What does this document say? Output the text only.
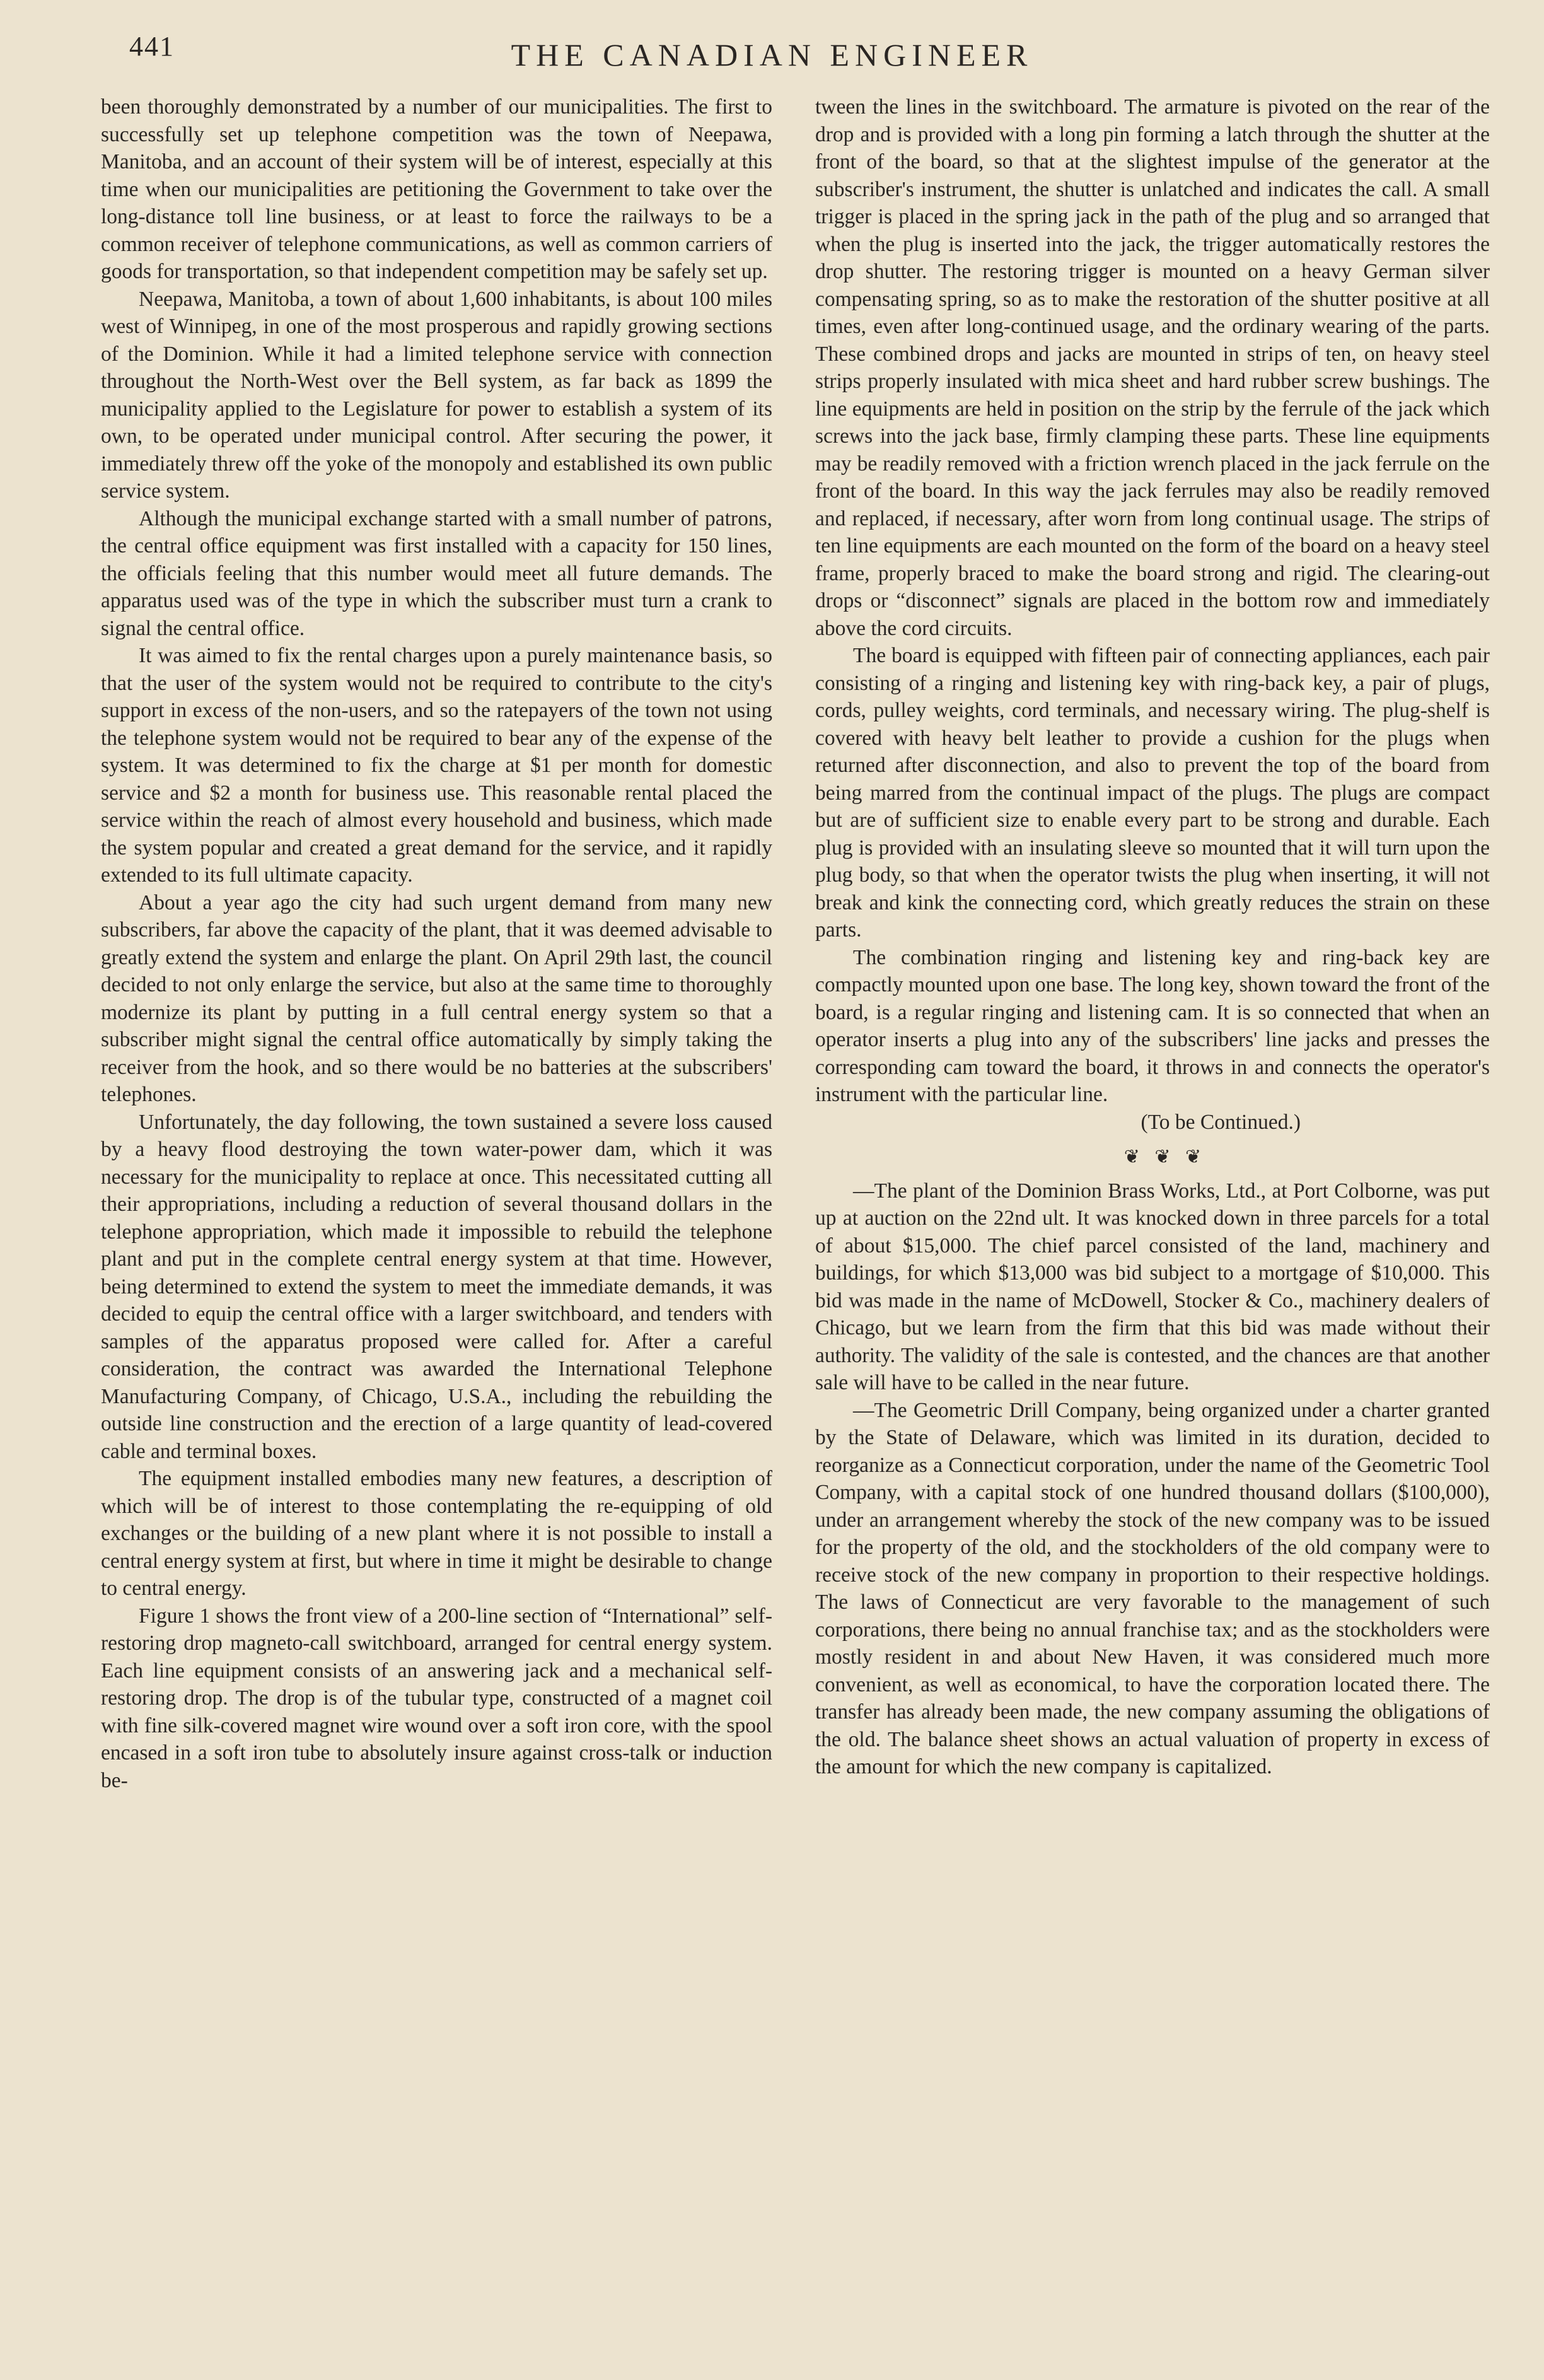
441	THE CANADIAN ENGINEER

been thoroughly demonstrated by a number of our municipalities. The first to successfully set up telephone competition was the town of Neepawa, Manitoba, and an account of their system will be of interest, especially at this time when our municipalities are petitioning the Government to take over the long-distance toll line business, or at least to force the railways to be a common receiver of telephone communications, as well as common carriers of goods for transportation, so that independent competition may be safely set up.

Neepawa, Manitoba, a town of about 1,600 inhabitants, is about 100 miles west of Winnipeg, in one of the most prosperous and rapidly growing sections of the Dominion. While it had a limited telephone service with connection throughout the North-West over the Bell system, as far back as 1899 the municipality applied to the Legislature for power to establish a system of its own, to be operated under municipal control. After securing the power, it immediately threw off the yoke of the monopoly and established its own public service system.

Although the municipal exchange started with a small number of patrons, the central office equipment was first installed with a capacity for 150 lines, the officials feeling that this number would meet all future demands. The apparatus used was of the type in which the subscriber must turn a crank to signal the central office.

It was aimed to fix the rental charges upon a purely maintenance basis, so that the user of the system would not be required to contribute to the city's support in excess of the non-users, and so the ratepayers of the town not using the telephone system would not be required to bear any of the expense of the system. It was determined to fix the charge at $1 per month for domestic service and $2 a month for business use. This reasonable rental placed the service within the reach of almost every household and business, which made the system popular and created a great demand for the service, and it rapidly extended to its full ultimate capacity.

About a year ago the city had such urgent demand from many new subscribers, far above the capacity of the plant, that it was deemed advisable to greatly extend the system and enlarge the plant. On April 29th last, the council decided to not only enlarge the service, but also at the same time to thoroughly modernize its plant by putting in a full central energy system so that a subscriber might signal the central office automatically by simply taking the receiver from the hook, and so there would be no batteries at the subscribers' telephones.

Unfortunately, the day following, the town sustained a severe loss caused by a heavy flood destroying the town water-power dam, which it was necessary for the municipality to replace at once. This necessitated cutting all their appropriations, including a reduction of several thousand dollars in the telephone appropriation, which made it impossible to rebuild the telephone plant and put in the complete central energy system at that time. However, being determined to extend the system to meet the immediate demands, it was decided to equip the central office with a larger switchboard, and tenders with samples of the apparatus proposed were called for. After a careful consideration, the contract was awarded the International Telephone Manufacturing Company, of Chicago, U.S.A., including the rebuilding the outside line construction and the erection of a large quantity of lead-covered cable and terminal boxes.

The equipment installed embodies many new features, a description of which will be of interest to those contemplating the re-equipping of old exchanges or the building of a new plant where it is not possible to install a central energy system at first, but where in time it might be desirable to change to central energy.

Figure 1 shows the front view of a 200-line section of “International” self-restoring drop magneto-call switchboard, arranged for central energy system. Each line equipment consists of an answering jack and a mechanical self-restoring drop. The drop is of the tubular type, constructed of a magnet coil with fine silk-covered magnet wire wound over a soft iron core, with the spool encased in a soft iron tube to absolutely insure against cross-talk or induction be-

tween the lines in the switchboard. The armature is pivoted on the rear of the drop and is provided with a long pin forming a latch through the shutter at the front of the board, so that at the slightest impulse of the generator at the subscriber's instrument, the shutter is unlatched and indicates the call. A small trigger is placed in the spring jack in the path of the plug and so arranged that when the plug is inserted into the jack, the trigger automatically restores the drop shutter. The restoring trigger is mounted on a heavy German silver compensating spring, so as to make the restoration of the shutter positive at all times, even after long-continued usage, and the ordinary wearing of the parts. These combined drops and jacks are mounted in strips of ten, on heavy steel strips properly insulated with mica sheet and hard rubber screw bushings. The line equipments are held in position on the strip by the ferrule of the jack which screws into the jack base, firmly clamping these parts. These line equipments may be readily removed with a friction wrench placed in the jack ferrule on the front of the board. In this way the jack ferrules may also be readily removed and replaced, if necessary, after worn from long continual usage. The strips of ten line equipments are each mounted on the form of the board on a heavy steel frame, properly braced to make the board strong and rigid. The clearing-out drops or “disconnect” signals are placed in the bottom row and immediately above the cord circuits.

The board is equipped with fifteen pair of connecting appliances, each pair consisting of a ringing and listening key with ring-back key, a pair of plugs, cords, pulley weights, cord terminals, and necessary wiring. The plug-shelf is covered with heavy belt leather to provide a cushion for the plugs when returned after disconnection, and also to prevent the top of the board from being marred from the continual impact of the plugs. The plugs are compact but are of sufficient size to enable every part to be strong and durable. Each plug is provided with an insulating sleeve so mounted that it will turn upon the plug body, so that when the operator twists the plug when inserting, it will not break and kink the connecting cord, which greatly reduces the strain on these parts.

The combination ringing and listening key and ring-back key are compactly mounted upon one base. The long key, shown toward the front of the board, is a regular ringing and listening cam. It is so connected that when an operator inserts a plug into any of the subscribers' line jacks and presses the corresponding cam toward the board, it throws in and connects the operator's instrument with the particular line.

(To be Continued.)

❦ ❦ ❦

—The plant of the Dominion Brass Works, Ltd., at Port Colborne, was put up at auction on the 22nd ult. It was knocked down in three parcels for a total of about $15,000. The chief parcel consisted of the land, machinery and buildings, for which $13,000 was bid subject to a mortgage of $10,000. This bid was made in the name of McDowell, Stocker & Co., machinery dealers of Chicago, but we learn from the firm that this bid was made without their authority. The validity of the sale is contested, and the chances are that another sale will have to be called in the near future.

—The Geometric Drill Company, being organized under a charter granted by the State of Delaware, which was limited in its duration, decided to reorganize as a Connecticut corporation, under the name of the Geometric Tool Company, with a capital stock of one hundred thousand dollars ($100,000), under an arrangement whereby the stock of the new company was to be issued for the property of the old, and the stockholders of the old company were to receive stock of the new company in proportion to their respective holdings. The laws of Connecticut are very favorable to the management of such corporations, there being no annual franchise tax; and as the stockholders were mostly resident in and about New Haven, it was considered much more convenient, as well as economical, to have the corporation located there. The transfer has already been made, the new company assuming the obligations of the old. The balance sheet shows an actual valuation of property in excess of the amount for which the new company is capitalized.
